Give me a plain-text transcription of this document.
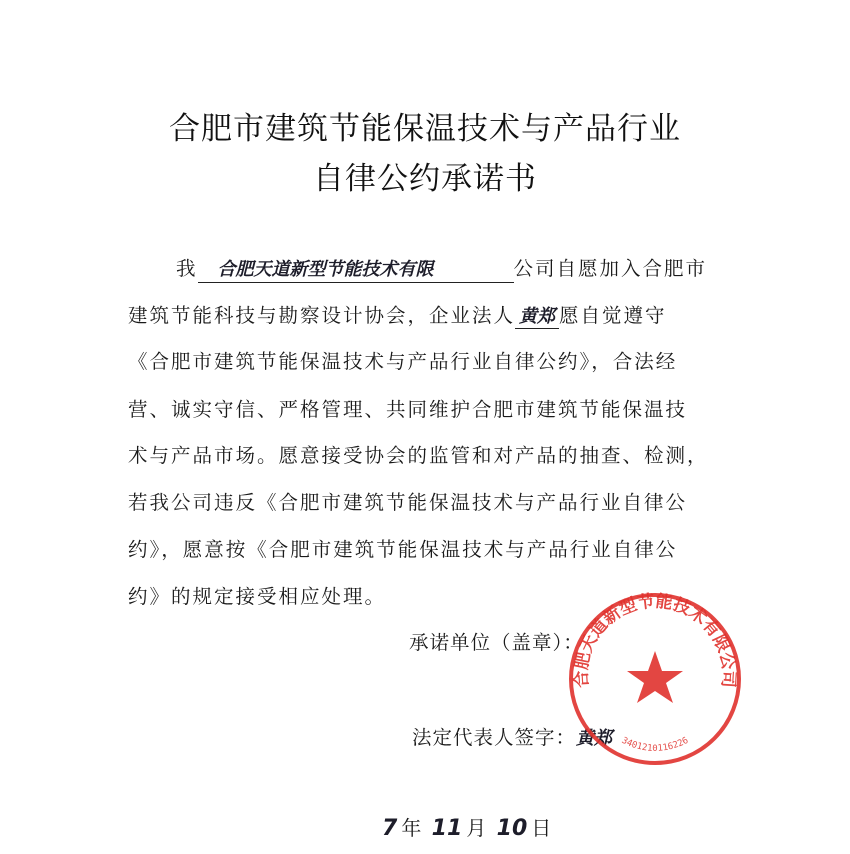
合肥市建筑节能保温技术与产品行业
自律公约承诺书
我 合肥天道新型节能技术有限	公司自愿加入合肥市
建筑节能科技与勘察设计协会，企业法人 黄郑 愿自觉遵守
《合肥市建筑节能保温技术与产品行业自律公约》，合法经
营、诚实守信、严格管理、共同维护合肥市建筑节能保温技
术与产品市场。愿意接受协会的监管和对产品的抽查、检测，
若我公司违反《合肥市建筑节能保温技术与产品行业自律公
约》，愿意按《合肥市建筑节能保温技术与产品行业自律公
约》的规定接受相应处理。
承诺单位（盖章）：
法定代表人签字：黄郑
7 年 11 月 10 日
合肥天道新型节能技术有限公司
3401210116226
